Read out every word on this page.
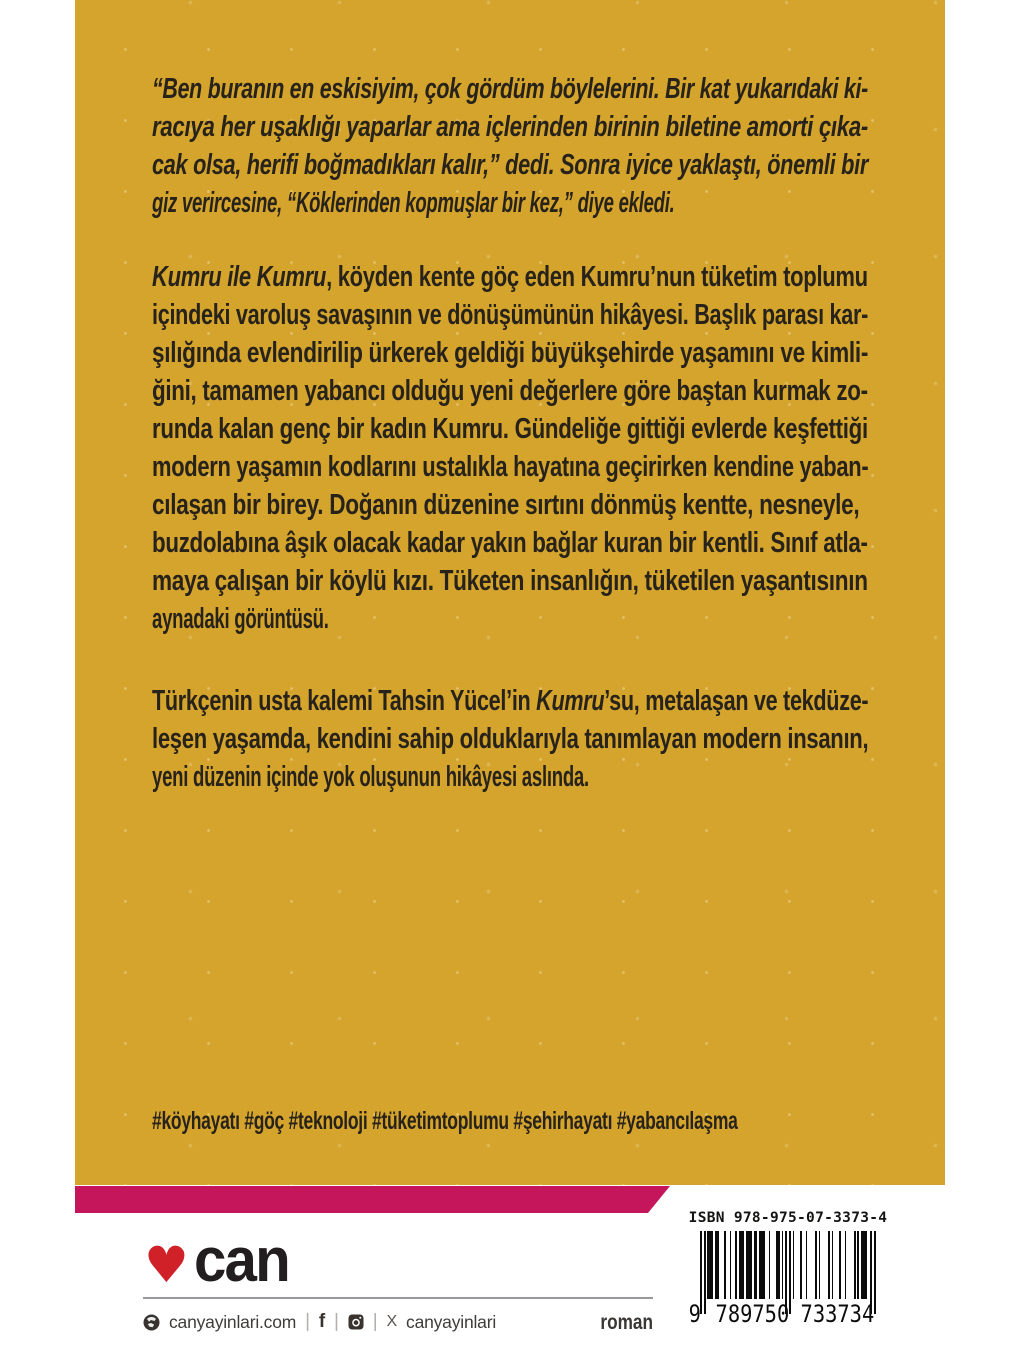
“Ben buranın en eskisiyim, çok gördüm böylelerini. Bir kat yukarıdaki ki-
racıya her uşaklığı yaparlar ama içlerinden birinin biletine amorti çıka-
cak olsa, herifi boğmadıkları kalır,” dedi. Sonra iyice yaklaştı, önemli bir
giz verircesine, “Köklerinden kopmuşlar bir kez,” diye ekledi.
Kumru ile Kumru, köyden kente göç eden Kumru’nun tüketim toplumu
içindeki varoluş savaşının ve dönüşümünün hikâyesi. Başlık parası kar-
şılığında evlendirilip ürkerek geldiği büyükşehirde yaşamını ve kimli-
ğini, tamamen yabancı olduğu yeni değerlere göre baştan kurmak zo-
runda kalan genç bir kadın Kumru. Gündeliğe gittiği evlerde keşfettiği
modern yaşamın kodlarını ustalıkla hayatına geçirirken kendine yaban-
cılaşan bir birey. Doğanın düzenine sırtını dönmüş kentte, nesneyle,
buzdolabına âşık olacak kadar yakın bağlar kuran bir kentli. Sınıf atla-
maya çalışan bir köylü kızı. Tüketen insanlığın, tüketilen yaşantısının
aynadaki görüntüsü.
Türkçenin usta kalemi Tahsin Yücel’in Kumru’su, metalaşan ve tekdüze-
leşen yaşamda, kendini sahip olduklarıyla tanımlayan modern insanın,
yeni düzenin içinde yok oluşunun hikâyesi aslında.
#köyhayatı #göç #teknoloji #tüketimtoplumu #şehirhayatı #yabancılaşma
♥ can
canyayinlari.com | f | | X canyayinlari	roman
ISBN 978-975-07-3373-4
9 789750 733734
